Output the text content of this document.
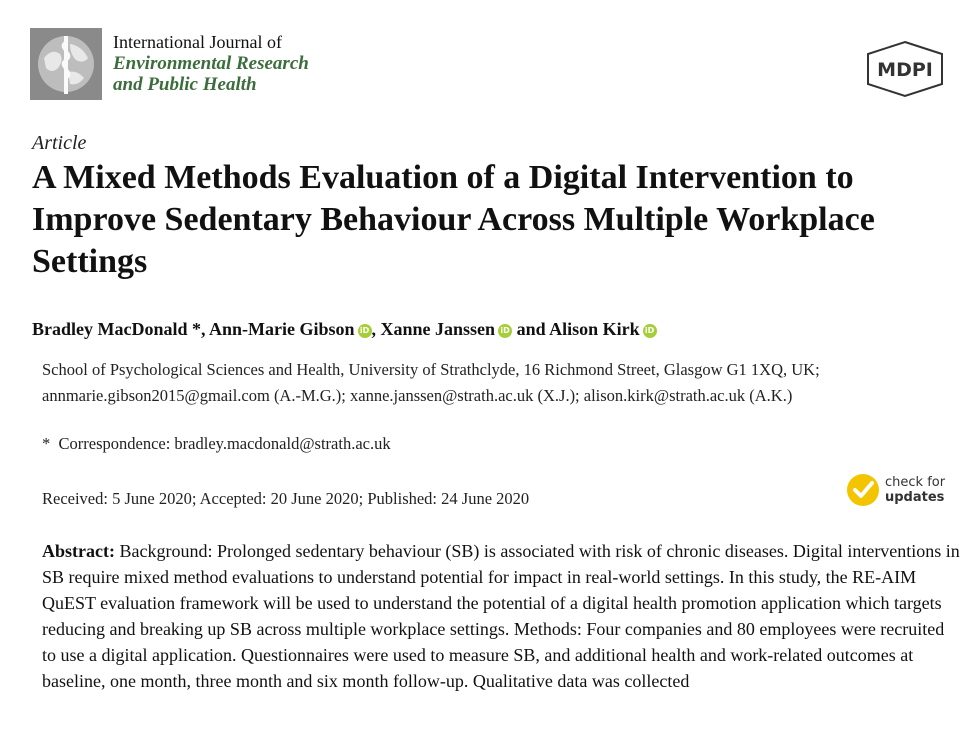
International Journal of
Environmental Research
and Public Health
MDPI
Article
A Mixed Methods Evaluation of a Digital Intervention to Improve Sedentary Behaviour Across Multiple Workplace Settings
Bradley MacDonald *, Ann-Marie Gibson iD , Xanne Janssen iD and Alison Kirk iD
School of Psychological Sciences and Health, University of Strathclyde, 16 Richmond Street, Glasgow G1 1XQ, UK; annmarie.gibson2015@gmail.com (A.-M.G.); xanne.janssen@strath.ac.uk (X.J.); alison.kirk@strath.ac.uk (A.K.)
* Correspondence: bradley.macdonald@strath.ac.uk
Received: 5 June 2020; Accepted: 20 June 2020; Published: 24 June 2020
check for
updates

Abstract: Background: Prolonged sedentary behaviour (SB) is associated with risk of chronic diseases. Digital interventions in SB require mixed method evaluations to understand potential for impact in real-world settings. In this study, the RE-AIM QuEST evaluation framework will be used to understand the potential of a digital health promotion application which targets reducing and breaking up SB across multiple workplace settings. Methods: Four companies and 80 employees were recruited to use a digital application. Questionnaires were used to measure SB, and additional health and work-related outcomes at baseline, one month, three month and six month follow-up. Qualitative data was collected
